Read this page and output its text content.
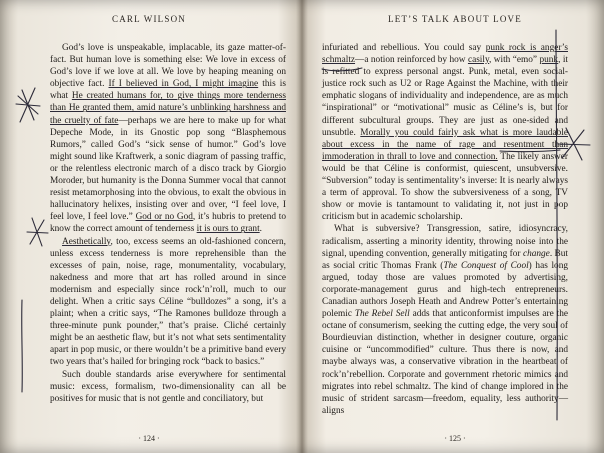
CARL WILSON

God’s love is unspeakable, implacable, its gaze matter-of-fact. But human love is something else: We love in excess of God’s love if we love at all. We love by heaping meaning on objective fact. If I believed in God, I might imagine this is what He created humans for, to give things more tenderness than He granted them, amid nature’s unblinking harshness and the cruelty of fate—perhaps we are here to make up for what Depeche Mode, in its Gnostic pop song “Blasphemous Rumors,” called God’s “sick sense of humor.” God’s love might sound like Kraftwerk, a sonic diagram of passing traffic, or the relentless electronic march of a disco track by Giorgio Moroder, but humanity is the Donna Summer vocal that cannot resist metamorphosing into the obvious, to exalt the obvious in hallucinatory helixes, insisting over and over, “I feel love, I feel love, I feel love.” God or no God, it’s hubris to pretend to know the correct amount of tenderness it is ours to grant.

Aesthetically, too, excess seems an old-fashioned concern, unless excess tenderness is more reprehensible than the excesses of pain, noise, rage, monumentality, vocabulary, nakedness and more that art has rolled around in since modernism and especially since rock’n’roll, much to our delight. When a critic says Céline “bulldozes” a song, it’s a plaint; when a critic says, “The Ramones bulldoze through a three-minute punk pounder,” that’s praise. Cliché certainly might be an aesthetic flaw, but it’s not what sets sentimentality apart in pop music, or there wouldn’t be a primitive band every two years that’s hailed for bringing rock “back to basics.”

Such double standards arise everywhere for sentimental music: excess, formalism, two-dimensionality can all be positives for music that is not gentle and conciliatory, but

· 124 ·
LET’S TALK ABOUT LOVE

infuriated and rebellious. You could say punk rock is anger’s schmaltz—a notion reinforced by how casily, with “emo” punk, it is refitted to express personal angst. Punk, metal, even social-justice rock such as U2 or Rage Against the Machine, with their emphatic slogans of individuality and independence, are as much “inspirational” or “motivational” music as Céline’s is, but for different subcultural groups. They are just as one-sided and unsubtle. Morally you could fairly ask what is more laudable about excess in the name of rage and resentment than immoderation in thrall to love and connection. The likely answer would be that Céline is conformist, quiescent, unsubversive. “Subversion” today is sentimentality’s inverse: It is nearly always a term of approval. To show the subversiveness of a song, TV show or movie is tantamount to validating it, not just in pop criticism but in academic scholarship.

What is subversive? Transgression, satire, idiosyncracy, radicalism, asserting a minority identity, throwing noise into the signal, upending convention, generally mitigating for change. But as social critic Thomas Frank (The Conquest of Cool) has long argued, today those are values promoted by advertising, corporate-management gurus and high-tech entrepreneurs. Canadian authors Joseph Heath and Andrew Potter’s entertaining polemic The Rebel Sell adds that anticonformist impulses are the octane of consumerism, seeking the cutting edge, the very soul of Bourdieuvian distinction, whether in designer couture, organic cuisine or “uncommodified” culture. Thus there is now, and maybe always was, a conservative vibration in the heartbeat of rock’n’rebellion. Corporate and government rhetoric mimics and migrates into rebel schmaltz. The kind of change implored in the music of strident sarcasm—freedom, equality, less authority—aligns

· 125 ·
